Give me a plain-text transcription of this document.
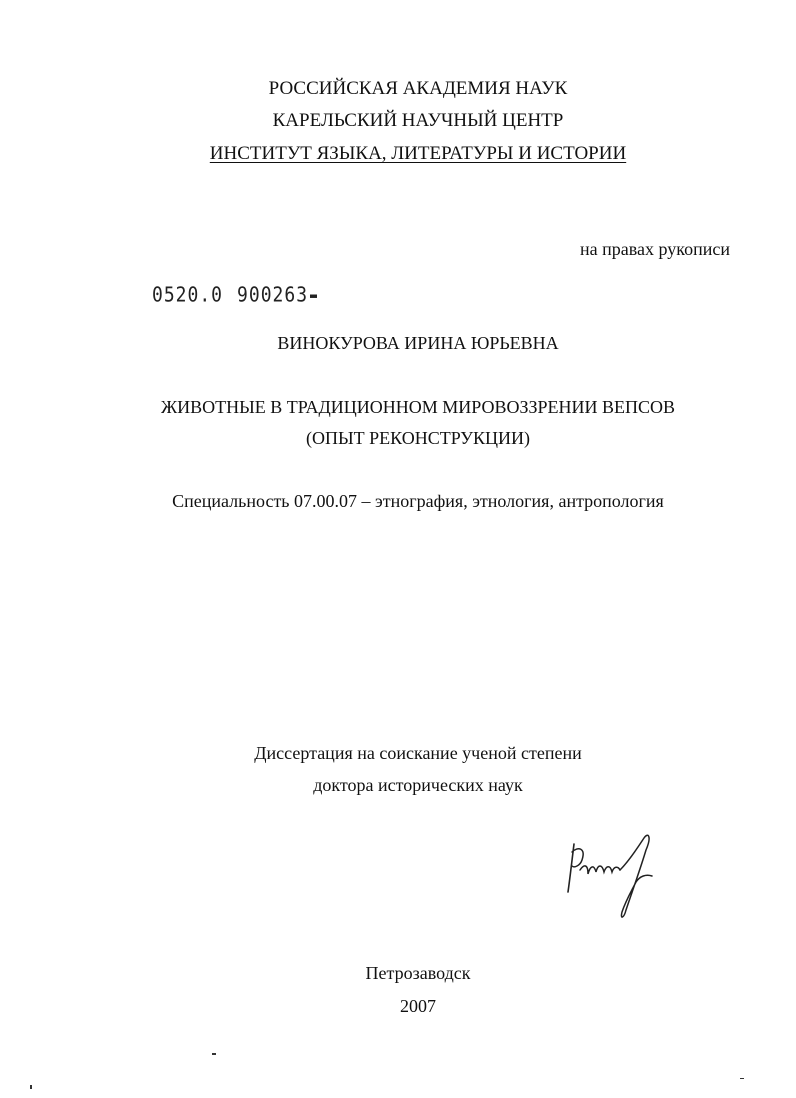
РОССИЙСКАЯ АКАДЕМИЯ НАУК
КАРЕЛЬСКИЙ НАУЧНЫЙ ЦЕНТР
ИНСТИТУТ ЯЗЫКА, ЛИТЕРАТУРЫ И ИСТОРИИ
на правах рукописи
0520.0 900263
ВИНОКУРОВА ИРИНА ЮРЬЕВНА
ЖИВОТНЫЕ В ТРАДИЦИОННОМ МИРОВОЗЗРЕНИИ ВЕПСОВ
(ОПЫТ РЕКОНСТРУКЦИИ)
Специальность 07.00.07 – этнография, этнология, антропология
Диссертация на соискание ученой степени
доктора исторических наук
Петрозаводск
2007
